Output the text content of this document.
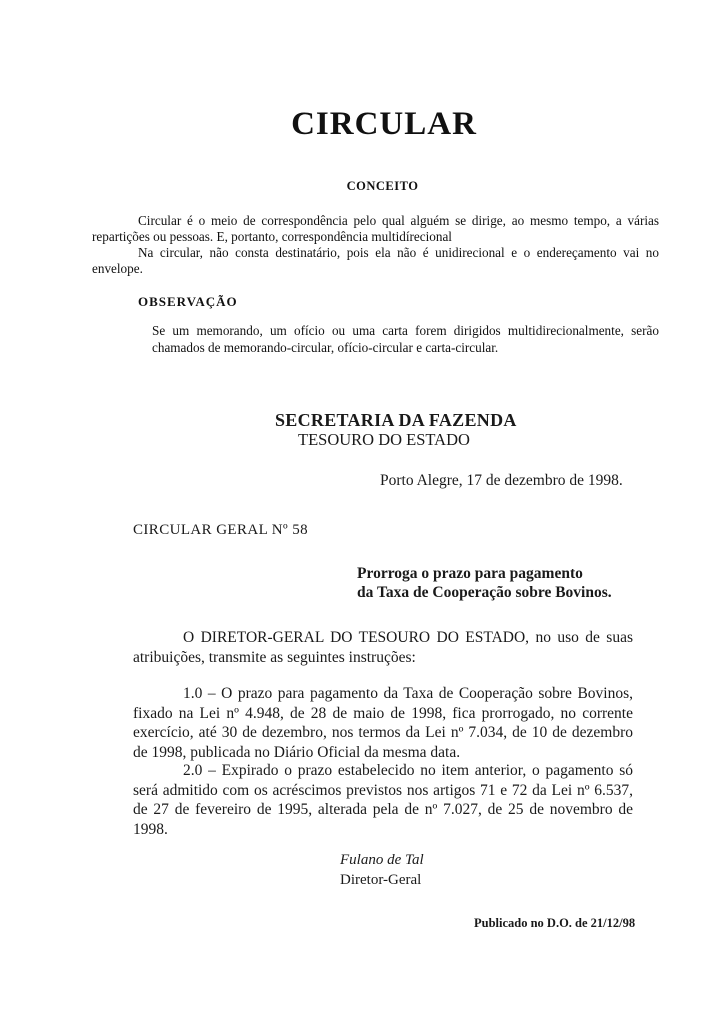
CIRCULAR
CONCEITO
Circular é o meio de correspondência pelo qual alguém se dirige, ao mesmo tempo, a várias repartições ou pessoas. E, portanto, correspondência multidírecional
Na circular, não consta destinatário, pois ela não é unidirecional e o endereçamento vai no envelope.
OBSERVAÇÃO
Se um memorando, um ofício ou uma carta forem dirigidos multidirecionalmente, serão chamados de memorando-circular, ofício-circular e carta-circular.
SECRETARIA DA FAZENDA
TESOURO DO ESTADO
Porto Alegre, 17 de dezembro de 1998.
CIRCULAR GERAL Nº 58
Prorroga o prazo para pagamento
da Taxa de Cooperação sobre Bovinos.
O DIRETOR-GERAL DO TESOURO DO ESTADO, no uso de suas atribuições, transmite as seguintes instruções:
1.0 – O prazo para pagamento da Taxa de Cooperação sobre Bovinos, fixado na Lei nº 4.948, de 28 de maio de 1998, fica prorrogado, no corrente exercício, até 30 de dezembro, nos termos da Lei nº 7.034, de 10 de dezembro de 1998, publicada no Diário Oficial da mesma data.
2.0 – Expirado o prazo estabelecido no item anterior, o pagamento só será admitido com os acréscimos previstos nos artigos 71 e 72 da Lei nº 6.537, de 27 de fevereiro de 1995, alterada pela de nº 7.027, de 25 de novembro de 1998.
Fulano de Tal
Diretor-Geral
Publicado no D.O. de 21/12/98
